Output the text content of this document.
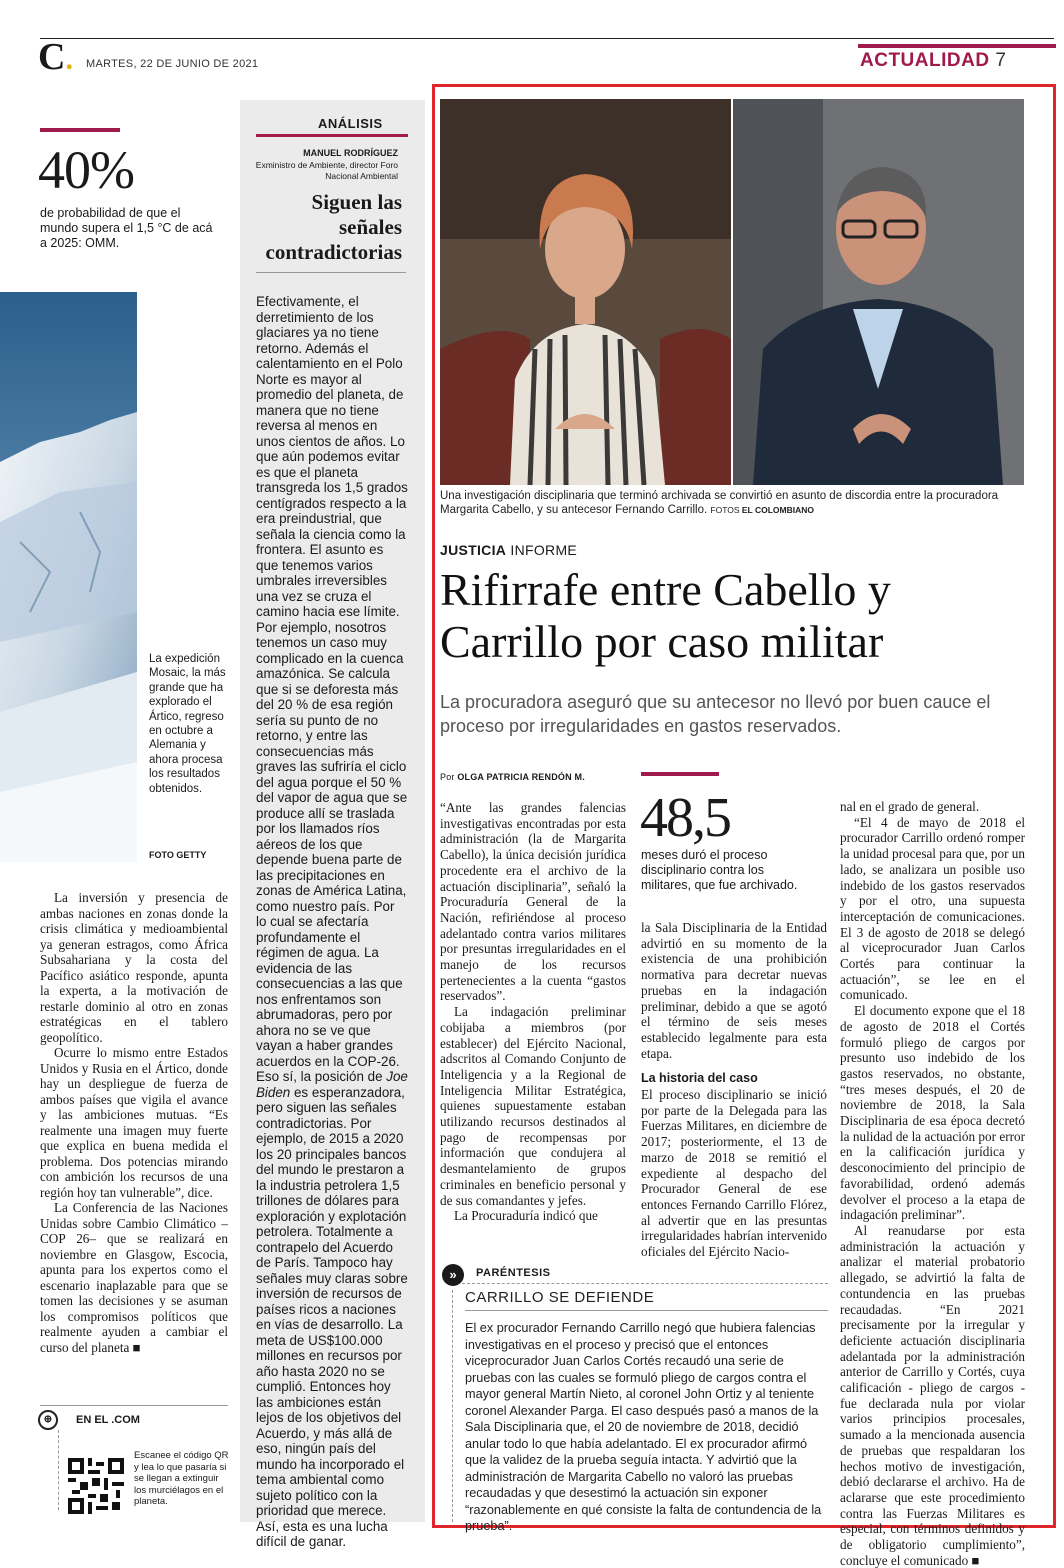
C. MARTES, 22 DE JUNIO DE 2021	ACTUALIDAD 7
40%
de probabilidad de que el mundo supera el 1,5 °C de acá a 2025: OMM.
La expedición Mosaic, la más grande que ha explorado el Ártico, regreso en octubre a Alemania y ahora procesa los resultados obtenidos.
FOTO GETTY

La inversión y presencia de ambas naciones en zonas donde la crisis climática y medioambiental ya generan estragos, como África Subsahariana y la costa del Pacífico asiático responde, apunta la experta, a la motivación de restarle dominio al otro en zonas estratégicas en el tablero geopolítico.

Ocurre lo mismo entre Estados Unidos y Rusia en el Ártico, donde hay un despliegue de fuerza de ambos países que vigila el avance y las ambiciones mutuas. “Es realmente una imagen muy fuerte que explica en buena medida el problema. Dos potencias mirando con ambición los recursos de una región hoy tan vulnerable”, dice.

La Conferencia de las Naciones Unidas sobre Cambio Climático –COP 26– que se realizará en noviembre en Glasgow, Escocia, apunta para los expertos como el escenario inaplazable para que se tomen las decisiones y se asuman los compromisos políticos que realmente ayuden a cambiar el curso del planeta ■

⊕	EN EL .COM
Escanee el código QR y lea lo que pasaría si se llegan a extinguir los murciélagos en el planeta.
ANÁLISIS
MANUEL RODRÍGUEZ
Exministro de Ambiente, director Foro Nacional Ambiental
Siguen las señales contradictorias
Efectivamente, el derretimiento de los glaciares ya no tiene retorno. Además el calentamiento en el Polo Norte es mayor al promedio del planeta, de manera que no tiene reversa al menos en unos cientos de años. Lo que aún podemos evitar es que el planeta transgreda los 1,5 grados centígrados respecto a la era preindustrial, que señala la ciencia como la frontera. El asunto es que tenemos varios umbrales irreversibles una vez se cruza el camino hacia ese límite. Por ejemplo, nosotros tenemos un caso muy complicado en la cuenca amazónica. Se calcula que si se deforesta más del 20 % de esa región sería su punto de no retorno, y entre las consecuencias más graves las sufriría el ciclo del agua porque el 50 % del vapor de agua que se produce allí se traslada por los llamados ríos aéreos de los que depende buena parte de las precipitaciones en zonas de América Latina, como nuestro país. Por lo cual se afectaría profundamente el régimen de agua. La evidencia de las consecuencias a las que nos enfrentamos son abrumadoras, pero por ahora no se ve que vayan a haber grandes acuerdos en la COP-26. Eso sí, la posición de Joe Biden es esperanzadora, pero siguen las señales contradictorias. Por ejemplo, de 2015 a 2020 los 20 principales bancos del mundo le prestaron a la industria petrolera 1,5 trillones de dólares para exploración y explotación petrolera. Totalmente a contrapelo del Acuerdo de París. Tampoco hay señales muy claras sobre inversión de recursos de países ricos a naciones en vías de desarrollo. La meta de US$100.000 millones en recursos por año hasta 2020 no se cumplió. Entonces hoy las ambiciones están lejos de los objetivos del Acuerdo, y más allá de eso, ningún país del mundo ha incorporado el tema ambiental como sujeto político con la prioridad que merece. Así, esta es una lucha difícil de ganar.
Una investigación disciplinaria que terminó archivada se convirtió en asunto de discordia entre la procuradora Margarita Cabello, y su antecesor Fernando Carrillo. FOTOS EL COLOMBIANO
JUSTICIA INFORME
Rifirrafe entre Cabello y Carrillo por caso militar
La procuradora aseguró que su antecesor no llevó por buen cauce el proceso por irregularidades en gastos reservados.
Por OLGA PATRICIA RENDÓN M.

“Ante las grandes falencias investigativas encontradas por esta administración (la de Margarita Cabello), la única decisión jurídica procedente era el archivo de la actuación disciplinaria”, señaló la Procuraduría General de la Nación, refiriéndose al proceso adelantado contra varios militares por presuntas irregularidades en el manejo de los recursos pertenecientes a la cuenta “gastos reservados”.

La indagación preliminar cobijaba a miembros (por establecer) del Ejército Nacional, adscritos al Comando Conjunto de Inteligencia y a la Regional de Inteligencia Militar Estratégica, quienes supuestamente estaban utilizando recursos destinados al pago de recompensas por información que condujera al desmantelamiento de grupos criminales en beneficio personal y de sus comandantes y jefes.

La Procuraduría indicó que

48,5
meses duró el proceso disciplinario contra los militares, que fue archivado.

la Sala Disciplinaria de la Entidad advirtió en su momento de la existencia de una prohibición normativa para decretar nuevas pruebas en la indagación preliminar, debido a que se agotó el término de seis meses establecido legalmente para esta etapa.

La historia del caso

El proceso disciplinario se inició por parte de la Delegada para las Fuerzas Militares, en diciembre de 2017; posteriormente, el 13 de marzo de 2018 se remitió el expediente al despacho del Procurador General de ese entonces Fernando Carrillo Flórez, al advertir que en las presuntas irregularidades habrían intervenido oficiales del Ejército Nacio-

nal en el grado de general.

“El 4 de mayo de 2018 el procurador Carrillo ordenó romper la unidad procesal para que, por un lado, se analizara un posible uso indebido de los gastos reservados y por el otro, una supuesta interceptación de comunicaciones. El 3 de agosto de 2018 se delegó al viceprocurador Juan Carlos Cortés para continuar la actuación”, se lee en el comunicado.

El documento expone que el 18 de agosto de 2018 el Cortés formuló pliego de cargos por presunto uso indebido de los gastos reservados, no obstante, “tres meses después, el 20 de noviembre de 2018, la Sala Disciplinaria de esa época decretó la nulidad de la actuación por error en la calificación jurídica y desconocimiento del principio de favorabilidad, ordenó además devolver el proceso a la etapa de indagación preliminar”.

Al reanudarse por esta administración la actuación y analizar el material probatorio allegado, se advirtió la falta de contundencia en las pruebas recaudadas. “En 2021 precisamente por la irregular y deficiente actuación disciplinaria adelantada por la administración anterior de Carrillo y Cortés, cuya calificación - pliego de cargos - fue declarada nula por violar varios principios procesales, sumado a la mencionada ausencia de pruebas que respaldaran los hechos motivo de investigación, debió declararse el archivo. Ha de aclararse que este procedimiento contra las Fuerzas Militares es especial, con términos definidos y de obligatorio cumplimiento”, concluye el comunicado ■

»	PARÉNTESIS
CARRILLO SE DEFIENDE
El ex procurador Fernando Carrillo negó que hubiera falencias investigativas en el proceso y precisó que el entonces viceprocurador Juan Carlos Cortés recaudó una serie de pruebas con las cuales se formuló pliego de cargos contra el mayor general Martín Nieto, al coronel John Ortiz y al teniente coronel Alexander Parga. El caso después pasó a manos de la Sala Disciplinaria que, el 20 de noviembre de 2018, decidió anular todo lo que había adelantado. El ex procurador afirmó que la validez de la prueba seguía intacta. Y advirtió que la administración de Margarita Cabello no valoró las pruebas recaudadas y que desestimó la actuación sin exponer “razonablemente en qué consiste la falta de contundencia de la prueba”.
